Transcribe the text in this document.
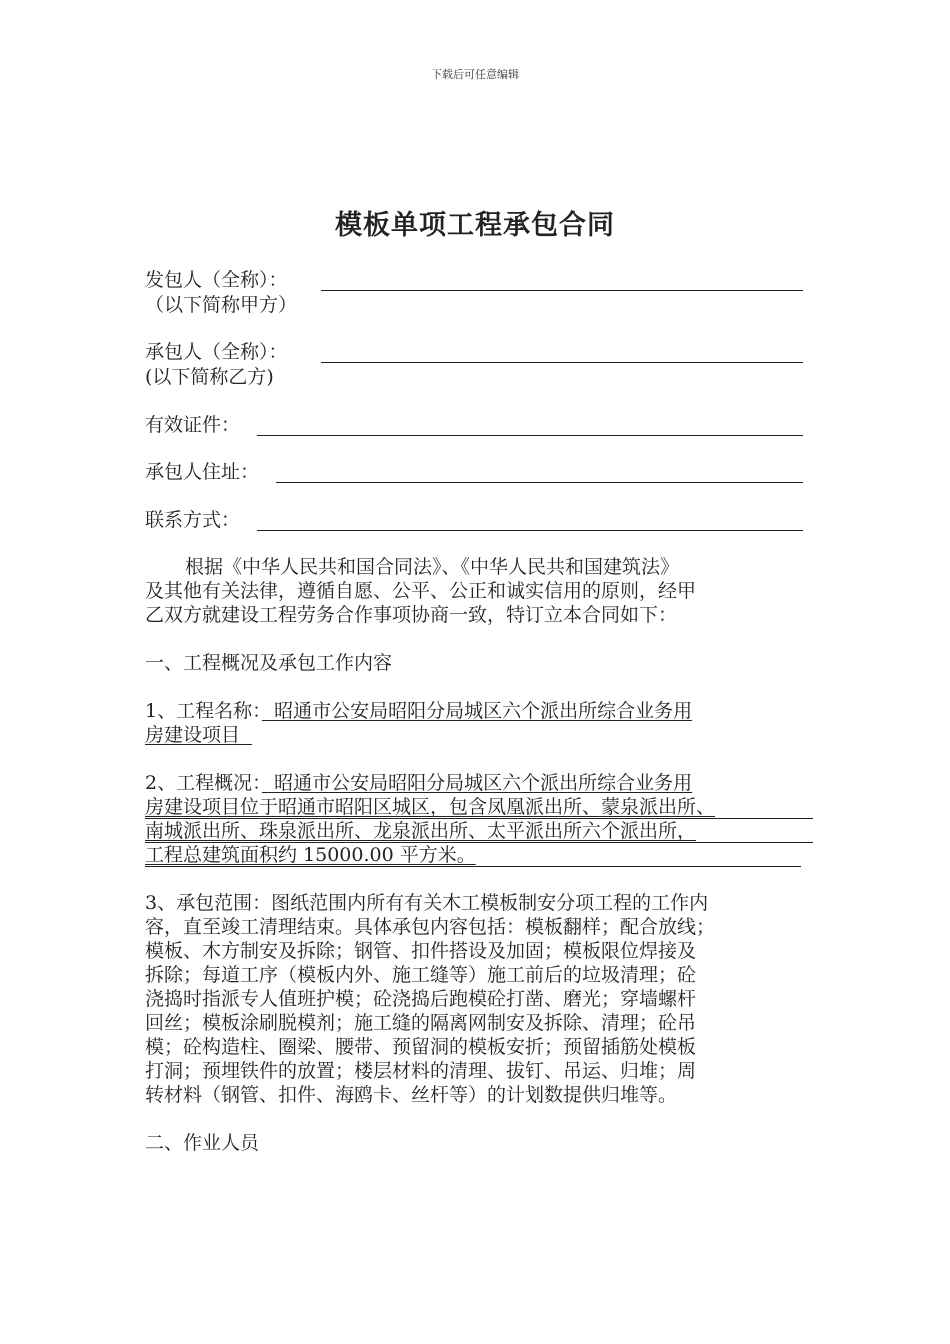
下载后可任意编辑
模板单项工程承包合同
发包人（全称）：
（以下简称甲方）
承包人（全称）：
(以下简称乙方)
有效证件：
承包人住址：
联系方式：
根据《中华人民共和国合同法》、《中华人民共和国建筑法》
及其他有关法律，遵循自愿、公平、公正和诚实信用的原则，经甲
乙双方就建设工程劳务合作事项协商一致，特订立本合同如下：
一、工程概况及承包工作内容
1、工程名称：
昭通市公安局昭阳分局城区六个派出所综合业务用
房建设项目
2、工程概况：
昭通市公安局昭阳分局城区六个派出所综合业务用
房建设项目位于昭通市昭阳区城区，包含凤凰派出所、蒙泉派出所、
南城派出所、珠泉派出所、龙泉派出所、太平派出所六个派出所，
工程总建筑面积约 15000.00 平方米。
3、承包范围：图纸范围内所有有关木工模板制安分项工程的工作内
容，直至竣工清理结束。具体承包内容包括：模板翻样；配合放线；
模板、木方制安及拆除；钢管、扣件搭设及加固；模板限位焊接及
拆除；每道工序（模板内外、施工缝等）施工前后的垃圾清理；砼
浇捣时指派专人值班护模；砼浇捣后跑模砼打凿、磨光；穿墙螺杆
回丝；模板涂刷脱模剂；施工缝的隔离网制安及拆除、清理；砼吊
模；砼构造柱、圈梁、腰带、预留洞的模板安折；预留插筋处模板
打洞；预埋铁件的放置；楼层材料的清理、拔钉、吊运、归堆；周
转材料（钢管、扣件、海鸥卡、丝杆等）的计划数提供归堆等。
二、作业人员
